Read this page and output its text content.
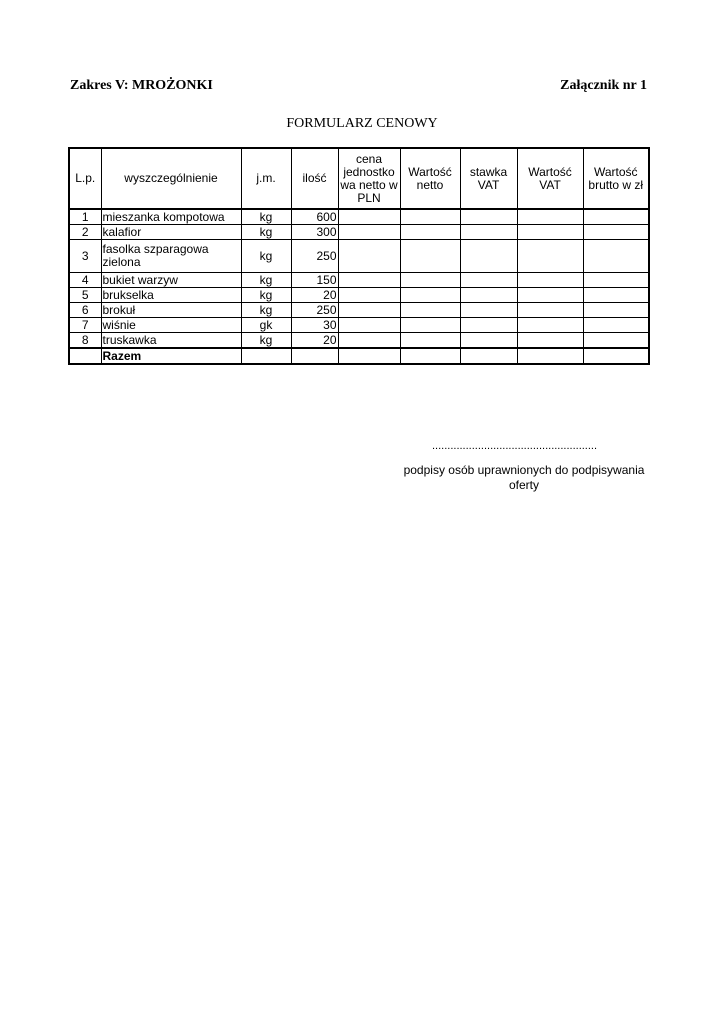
Zakres V: MROŻONKI	Załącznik nr 1
FORMULARZ CENOWY
L.p.	wyszczególnienie	j.m.	ilość	cena jednostko wa netto w PLN	Wartość netto	stawka VAT	Wartość VAT	Wartość brutto w zł
1	mieszanka kompotowa	kg	600					
2	kalafior	kg	300					
3	fasolka szparagowa zielona	kg	250					
4	bukiet warzyw	kg	150					
5	brukselka	kg	20					
6	brokuł	kg	250					
7	wiśnie	gk	30					
8	truskawka	kg	20					
	Razem							
......................................................
podpisy osób uprawnionych do podpisywania oferty
